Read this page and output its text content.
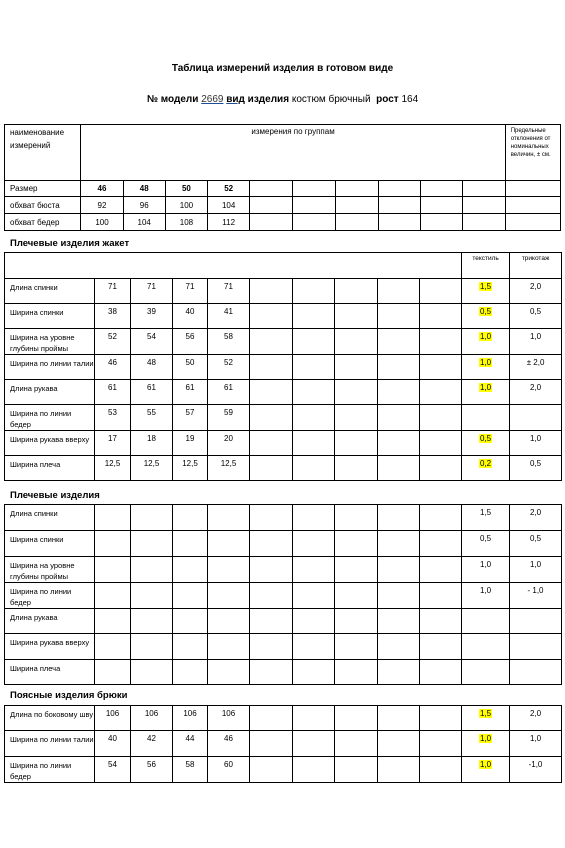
Таблица измерений изделия в готовом виде
№ модели 2669 вид изделия костюм брючный рост 164
наименование измерений	измерения по группам										Предельные отклонения от номинальных величин, ± см.
Размер	46	48	50	52							
обхват бюста	92	96	100	104							
обхват бедер	100	104	108	112							
Плечевые изделия жакет
										текстиль	трикотаж
Длина спинки	71	71	71	71						1,5	2,0
Ширина спинки	38	39	40	41						0,5	0,5
Ширина на уровне глубины проймы	52	54	56	58						1,0	1,0
Ширина по линии талии	46	48	50	52						1,0	± 2,0
Длина рукава	61	61	61	61						1,0	2,0
Ширина по линии бедер	53	55	57	59							
Ширина рукава вверху	17	18	19	20						0,5	1,0
Ширина плеча	12,5	12,5	12,5	12,5						0,2	0,5
Плечевые изделия
Длина спинки										1,5	2,0
Ширина спинки										0,5	0,5
Ширина на уровне глубины проймы										1,0	1,0
Ширина по линии бедер										1,0	- 1,0
Длина рукава											
Ширина рукава вверху											
Ширина плеча											
Поясные изделия брюки
Длина по боковому шву	106	106	106	106						1,5	2,0
Ширина по линии талии	40	42	44	46						1,0	1,0
Ширина по линии бедер	54	56	58	60						1,0	-1,0
